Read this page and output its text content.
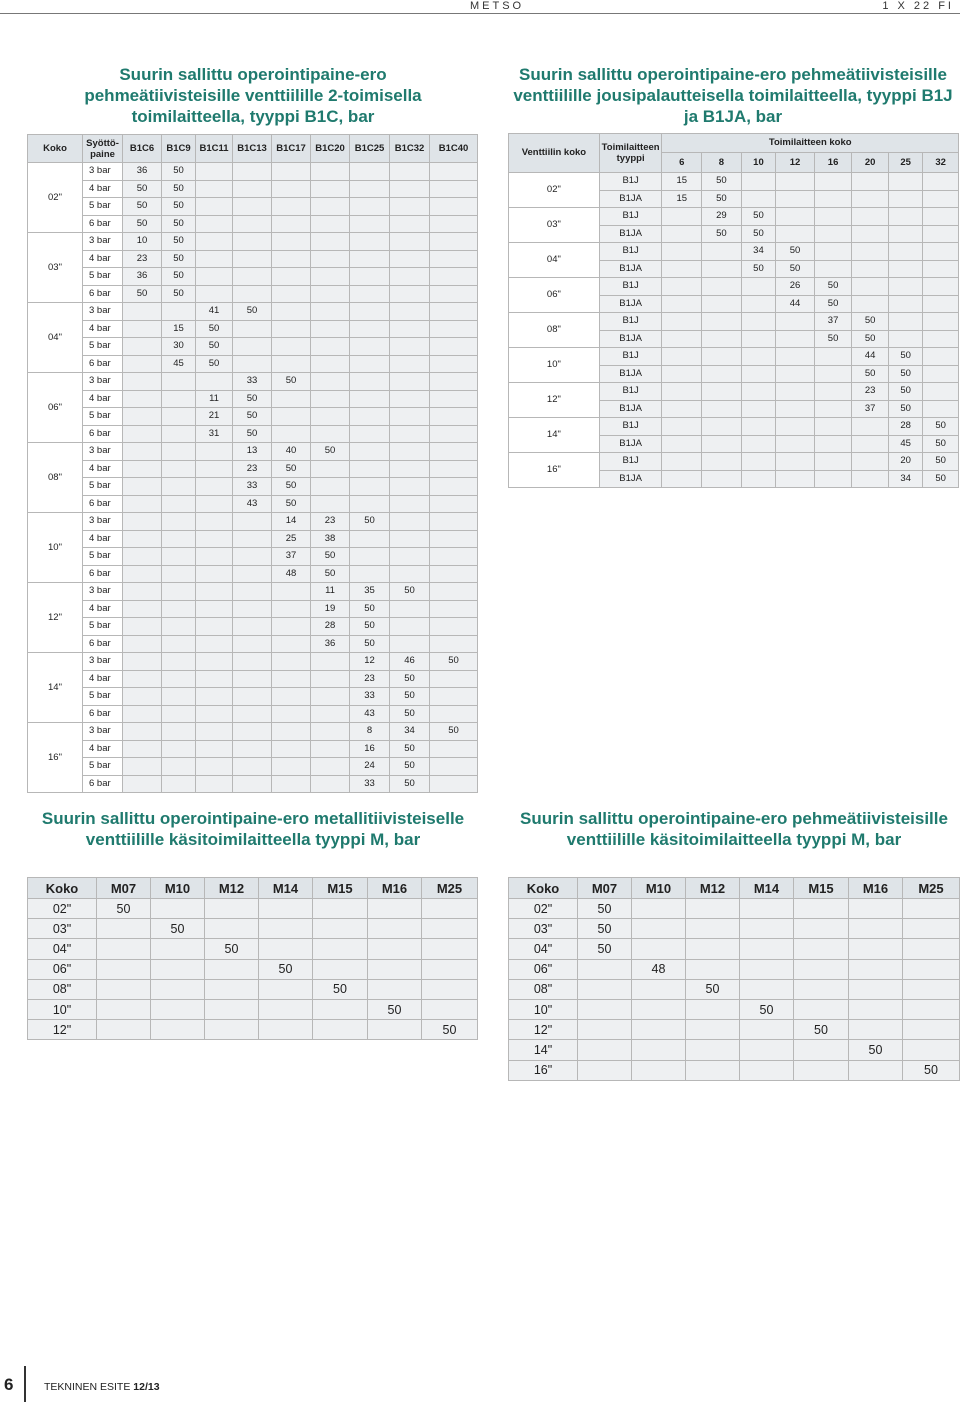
METSO	1 X 22 FI
Suurin sallittu operointipaine-ero pehmeätiivisteisille venttiilille 2-toimisella toimilaitteella, tyyppi B1C, bar
Suurin sallittu operointipaine-ero pehmeätiivisteisille venttiilille jousipalautteisella toimilaitteella, tyyppi B1J ja B1JA, bar
Suurin sallittu operointipaine-ero metallitiivisteiselle venttiilille käsitoimilaitteella tyyppi M, bar
Suurin sallittu operointipaine-ero pehmeätiivisteisille venttiilille käsitoimilaitteella tyyppi M, bar
Koko	Syöttö-paine	B1C6	B1C9	B1C11	B1C13	B1C17	B1C20	B1C25	B1C32	B1C40
02"	3 bar	36	50							
	4 bar	50	50							
	5 bar	50	50							
	6 bar	50	50							
03"	3 bar	10	50							
	4 bar	23	50							
	5 bar	36	50							
	6 bar	50	50							
04"	3 bar			41	50					
	4 bar		15	50						
	5 bar		30	50						
	6 bar		45	50						
06"	3 bar				33	50				
	4 bar			11	50					
	5 bar			21	50					
	6 bar			31	50					
08"	3 bar				13	40	50			
	4 bar				23	50				
	5 bar				33	50				
	6 bar				43	50				
10"	3 bar					14	23	50		
	4 bar					25	38			
	5 bar					37	50			
	6 bar					48	50			
12"	3 bar						11	35	50	
	4 bar						19	50		
	5 bar						28	50		
	6 bar						36	50		
14"	3 bar							12	46	50
	4 bar							23	50	
	5 bar							33	50	
	6 bar							43	50	
16"	3 bar							8	34	50
	4 bar							16	50	
	5 bar							24	50	
	6 bar							33	50	
Venttiilin koko	Toimilaitteen tyyppi	Toimilaitteen koko							
		6	8	10	12	16	20	25	32
02"	B1J	15	50						
	B1JA	15	50						
03"	B1J		29	50					
	B1JA		50	50					
04"	B1J			34	50				
	B1JA			50	50				
06"	B1J				26	50			
	B1JA				44	50			
08"	B1J					37	50		
	B1JA					50	50		
10"	B1J						44	50	
	B1JA						50	50	
12"	B1J						23	50	
	B1JA						37	50	
14"	B1J							28	50
	B1JA							45	50
16"	B1J							20	50
	B1JA							34	50
Koko	M07	M10	M12	M14	M15	M16	M25
02"	50						
03"		50					
04"			50				
06"				50			
08"					50		
10"						50	
12"							50
Koko	M07	M10	M12	M14	M15	M16	M25
02"	50						
03"	50						
04"	50						
06"		48					
08"			50				
10"				50			
12"					50		
14"						50	
16"							50
6	TEKNINEN ESITE 12/13
